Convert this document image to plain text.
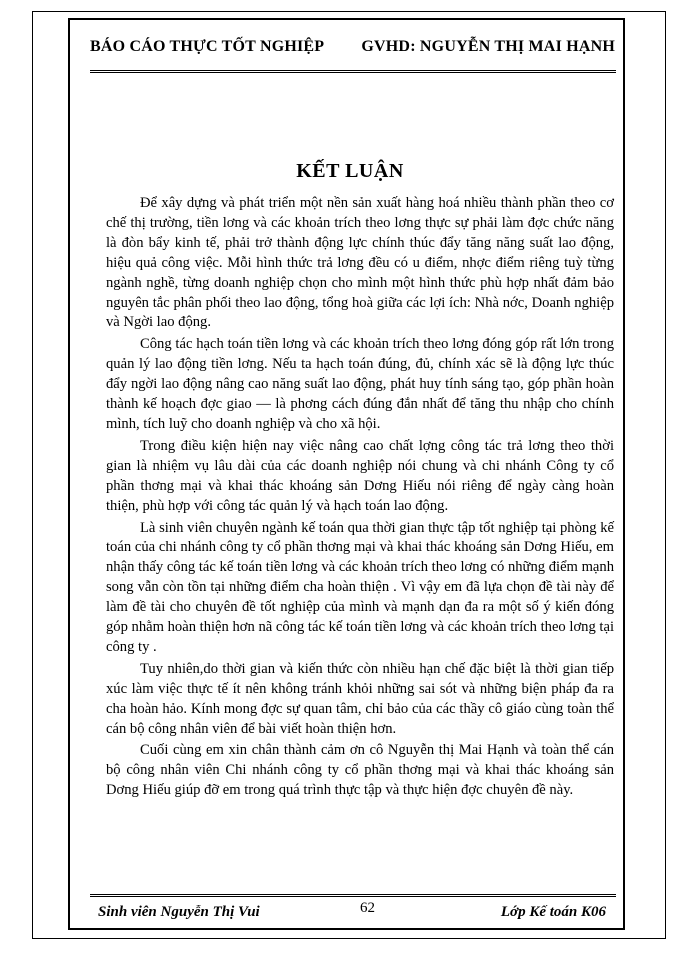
BÁO CÁO THỰC TỐT NGHIỆP GVHD: NGUYỄN THỊ MAI HẠNH
KẾT LUẬN

Để xây dựng và phát triển một nền sản xuất hàng hoá nhiều thành phần theo cơ chế thị trường, tiền lơng và các khoản trích theo lơng thực sự phải làm đợc chức năng là đòn bẩy kinh tế, phải trở thành động lực chính thúc đẩy tăng năng suất lao động, hiệu quả công việc. Mỗi hình thức trả lơng đều có u điểm, nhợc điểm riêng tuỳ từng ngành nghề, từng doanh nghiệp chọn cho mình một hình thức phù hợp nhất đảm bảo nguyên tắc phân phối theo lao động, tổng hoà giữa các lợi ích: Nhà nớc, Doanh nghiệp và Ngời lao động.

Công tác hạch toán tiền lơng và các khoản trích theo lơng đóng góp rất lớn trong quản lý lao động tiền lơng. Nếu ta hạch toán đúng, đủ, chính xác sẽ là động lực thúc đẩy ngời lao động nâng cao năng suất lao động, phát huy tính sáng tạo, góp phần hoàn thành kế hoạch đợc giao — là phơng cách đúng đắn nhất để tăng thu nhập cho chính mình, tích luỹ cho doanh nghiệp và cho xã hội.

Trong điều kiện hiện nay việc nâng cao chất lợng công tác trả lơng theo thời gian là nhiệm vụ lâu dài của các doanh nghiệp nói chung và chi nhánh Công ty cổ phần thơng mại và khai thác khoáng sản Dơng Hiếu nói riêng để ngày càng hoàn thiện, phù hợp với công tác quản lý và hạch toán lao động.

Là sinh viên chuyên ngành kế toán qua thời gian thực tập tốt nghiệp tại phòng kế toán của chi nhánh công ty cổ phần thơng mại và khai thác khoáng sản Dơng Hiếu, em nhận thấy công tác kế toán tiền lơng và các khoản trích theo lơng có những điểm mạnh song vẫn còn tồn tại những điểm cha hoàn thiện . Vì vậy em đã lựa chọn đề tài này để làm đề tài cho chuyên đề tốt nghiệp của mình và mạnh dạn đa ra một số ý kiến đóng góp nhằm hoàn thiện hơn nã công tác kế toán tiền lơng và các khoản trích theo lơng tại công ty .

Tuy nhiên,do thời gian và kiến thức còn nhiều hạn chế đặc biệt là thời gian tiếp xúc làm việc thực tế ít nên không tránh khỏi những sai sót và những biện pháp đa ra cha hoàn hảo. Kính mong đợc sự quan tâm, chỉ bảo của các thầy cô giáo cùng toàn thể cán bộ công nhân viên để bài viết hoàn thiện hơn.

Cuối cùng em xin chân thành cảm ơn cô Nguyễn thị Mai Hạnh và toàn thể cán bộ công nhân viên Chi nhánh công ty cổ phần thơng mại và khai thác khoáng sản Dơng Hiếu giúp đỡ em trong quá trình thực tập và thực hiện đợc chuyên đề này.

Sinh viên Nguyễn Thị Vui	62	Lớp Kế toán K06
